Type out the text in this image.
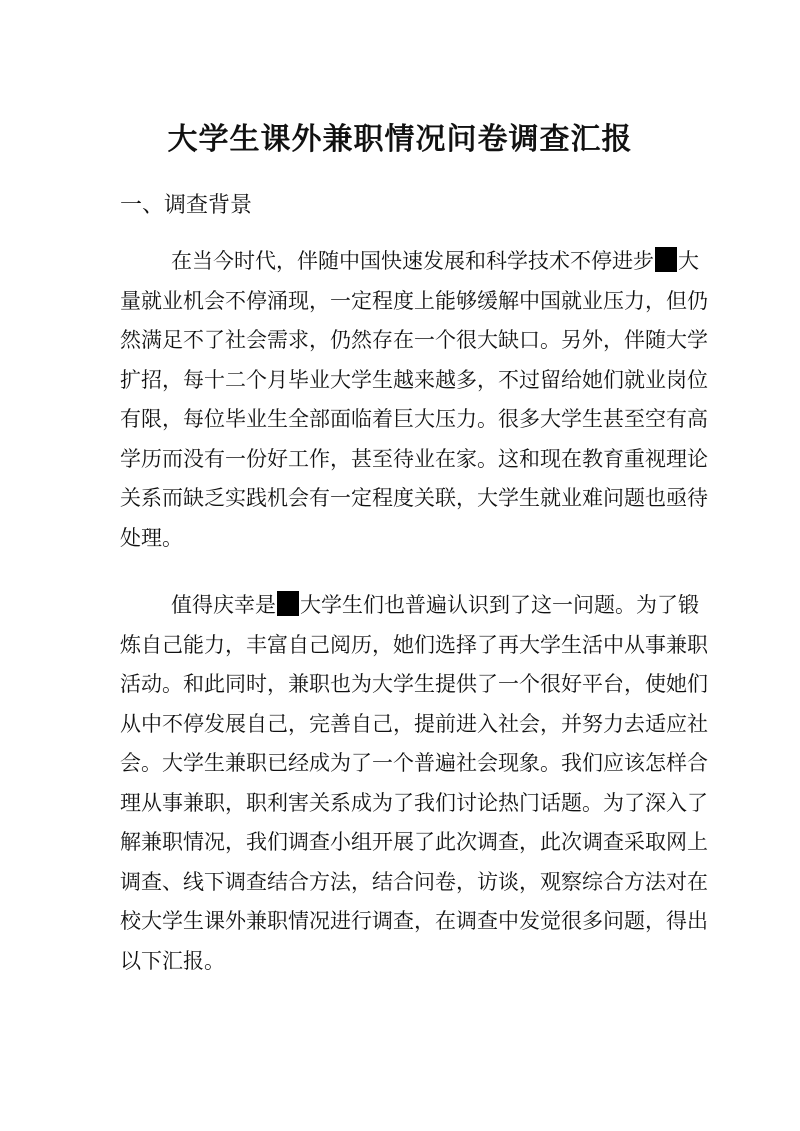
大学生课外兼职情况问卷调查汇报
一、调查背景
在当今时代，伴随中国快速发展和科学技术不停进步 大
量就业机会不停涌现，一定程度上能够缓解中国就业压力，但仍
然满足不了社会需求，仍然存在一个很大缺口。另外，伴随大学
扩招，每十二个月毕业大学生越来越多，不过留给她们就业岗位
有限，每位毕业生全部面临着巨大压力。很多大学生甚至空有高
学历而没有一份好工作，甚至待业在家。这和现在教育重视理论
关系而缺乏实践机会有一定程度关联，大学生就业难问题也亟待
处理。
值得庆幸是 大学生们也普遍认识到了这一问题。为了锻
炼自己能力，丰富自己阅历，她们选择了再大学生活中从事兼职
活动。和此同时，兼职也为大学生提供了一个很好平台，使她们
从中不停发展自己，完善自己，提前进入社会，并努力去适应社
会。大学生兼职已经成为了一个普遍社会现象。我们应该怎样合
理从事兼职，职利害关系成为了我们讨论热门话题。为了深入了
解兼职情况，我们调查小组开展了此次调查，此次调查采取网上
调查、线下调查结合方法，结合问卷，访谈，观察综合方法对在
校大学生课外兼职情况进行调查，在调查中发觉很多问题，得出
以下汇报。
